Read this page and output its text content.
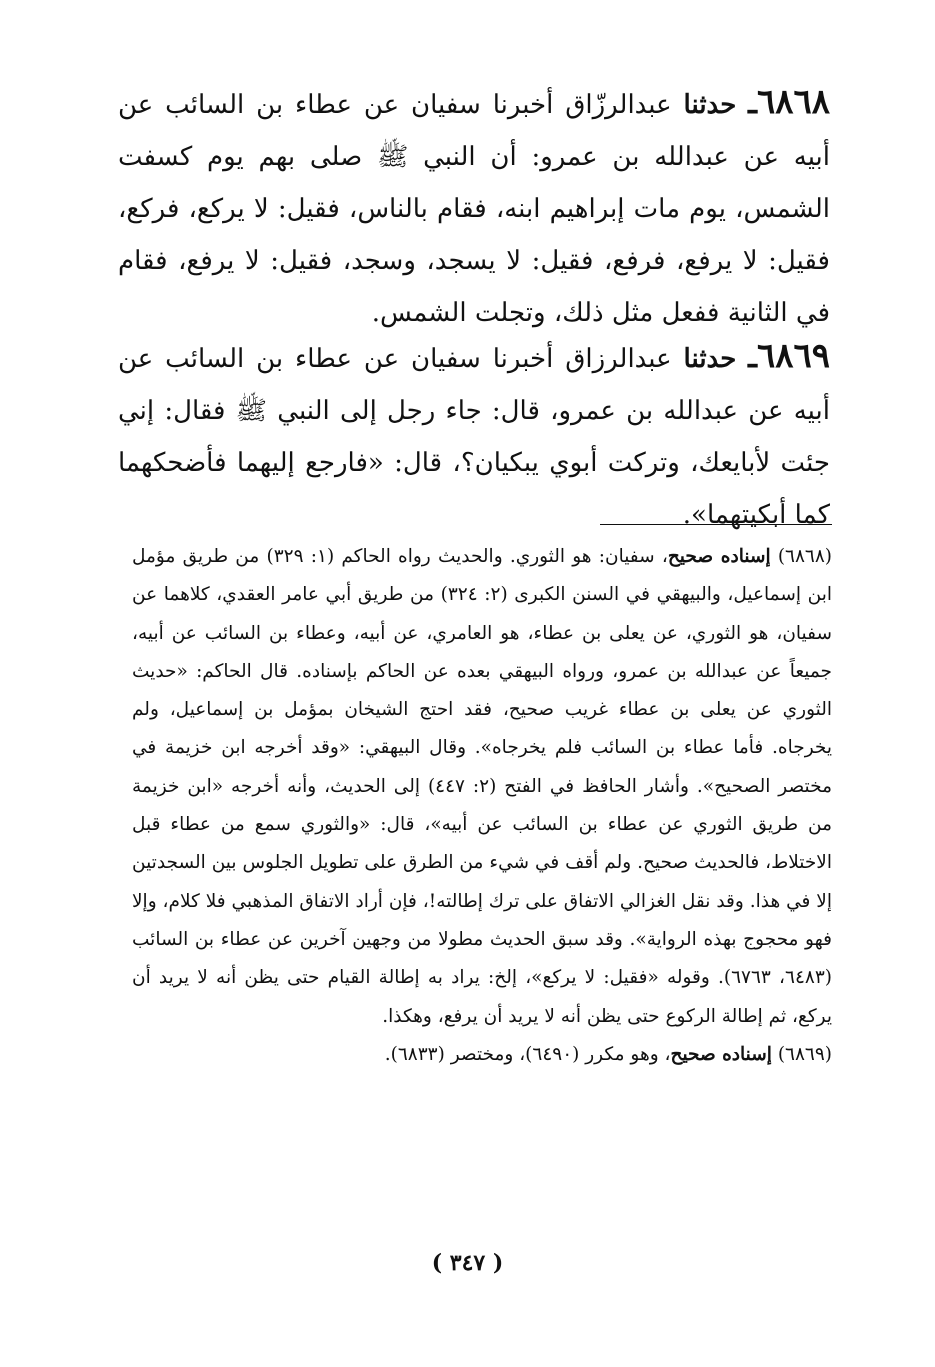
٦٨٦٨ـ حدثنا عبدالرزّاق أخبرنا سفيان عن عطاء بن السائب عن أبيه عن عبدالله بن عمرو: أن النبي ﷺ صلى بهم يوم كسفت الشمس، يوم مات إبراهيم ابنه، فقام بالناس، فقيل: لا يركع، فركع، فقيل: لا يرفع، فرفع، فقيل: لا يسجد، وسجد، فقيل: لا يرفع، فقام في الثانية ففعل مثل ذلك، وتجلت الشمس.

٦٨٦٩ـ حدثنا عبدالرزاق أخبرنا سفيان عن عطاء بن السائب عن أبيه عن عبدالله بن عمرو، قال: جاء رجل إلى النبي ﷺ فقال: إني جئت لأبايعك، وتركت أبوي يبكيان؟، قال: «فارجع إليهما فأضحكهما كما أبكيتهما».

(٦٨٦٨) إسناده صحيح، سفيان: هو الثوري. والحديث رواه الحاكم (١: ٣٢٩) من طريق مؤمل ابن إسماعيل، والبيهقي في السنن الكبرى (٢: ٣٢٤) من طريق أبي عامر العقدي، كلاهما عن سفيان، هو الثوري، عن يعلى بن عطاء، هو العامري، عن أبيه، وعطاء بن السائب عن أبيه، جميعاً عن عبدالله بن عمرو، ورواه البيهقي بعده عن الحاكم بإسناده. قال الحاكم: «حديث الثوري عن يعلى بن عطاء غريب صحيح، فقد احتج الشيخان بمؤمل بن إسماعيل، ولم يخرجاه. فأما عطاء بن السائب فلم يخرجاه». وقال البيهقي: «وقد أخرجه ابن خزيمة في مختصر الصحيح». وأشار الحافظ في الفتح (٢: ٤٤٧) إلى الحديث، وأنه أخرجه «ابن خزيمة من طريق الثوري عن عطاء بن السائب عن أبيه»، قال: «والثوري سمع من عطاء قبل الاختلاط، فالحديث صحيح. ولم أقف في شيء من الطرق على تطويل الجلوس بين السجدتين إلا في هذا. وقد نقل الغزالي الاتفاق على ترك إطالته!، فإن أراد الاتفاق المذهبي فلا كلام، وإلا فهو محجوج بهذه الرواية». وقد سبق الحديث مطولا من وجهين آخرين عن عطاء بن السائب (٦٤٨٣، ٦٧٦٣). وقوله «فقيل: لا يركع»، إلخ: يراد به إطالة القيام حتى يظن أنه لا يريد أن يركع، ثم إطالة الركوع حتى يظن أنه لا يريد أن يرفع، وهكذا.

(٦٨٦٩) إسناده صحيح، وهو مكرر (٦٤٩٠)، ومختصر (٦٨٣٣).

( ٣٤٧ )
